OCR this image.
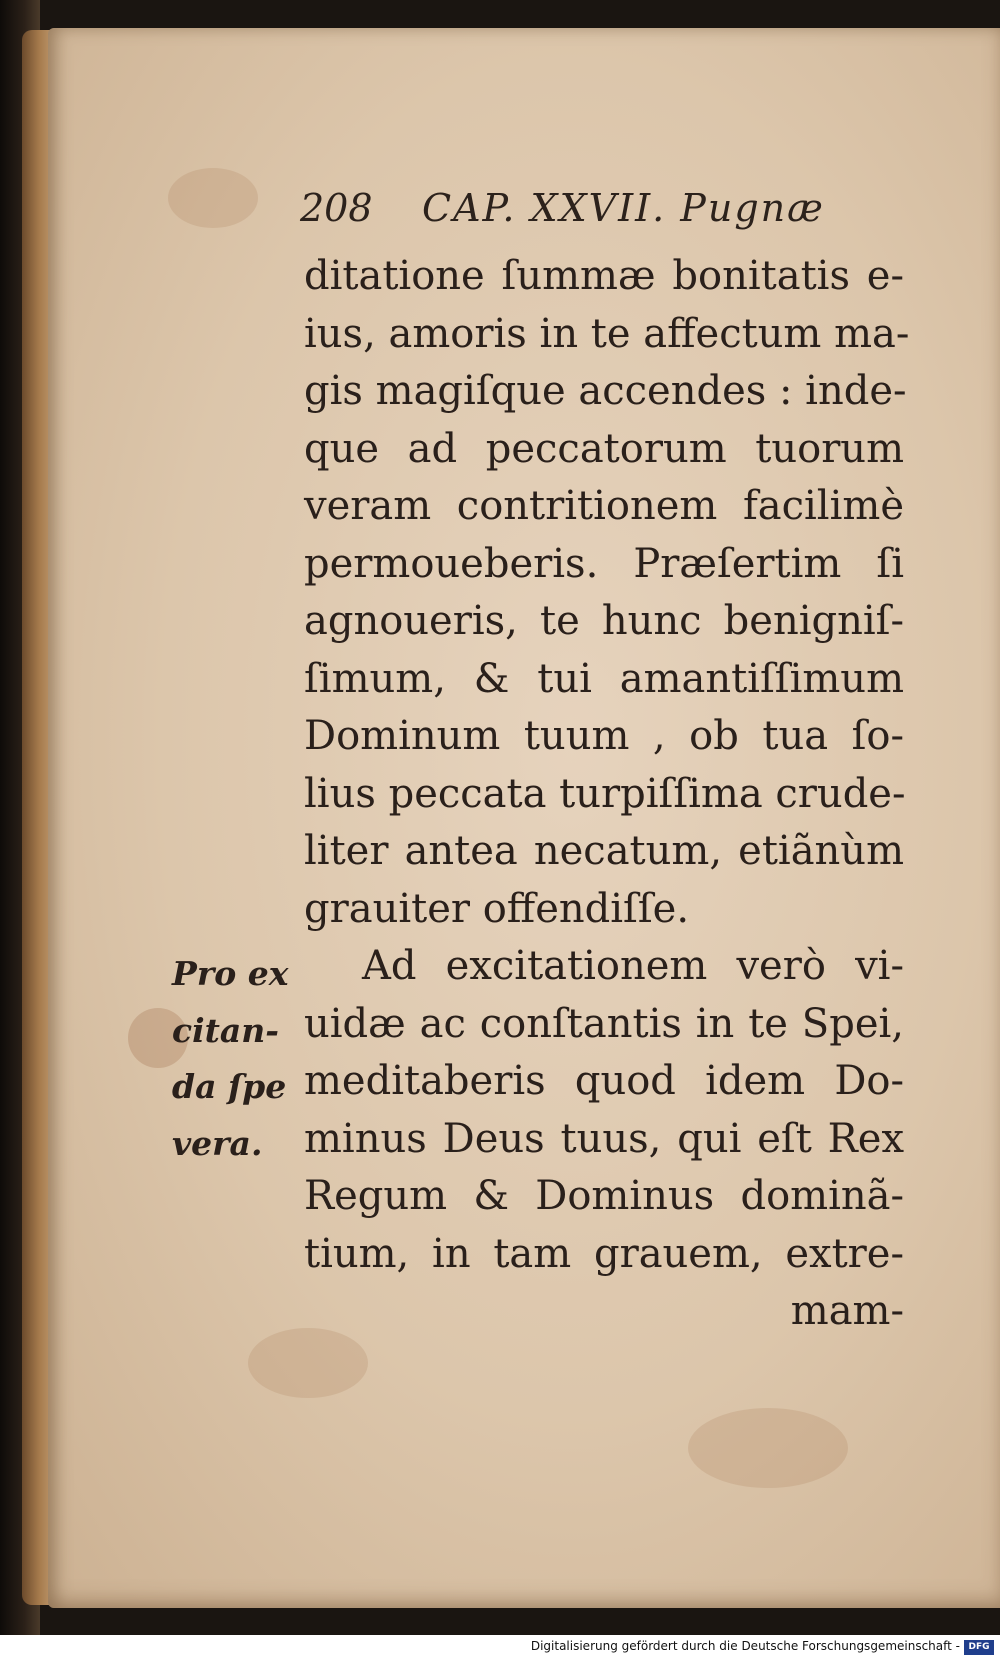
208 CAP. XXVII. Pugnæ
ditatione ſummæ bonitatis e-
ius, amoris in te affectum ma-
gis magiſque accendes : inde-
que ad peccatorum tuorum
veram contritionem facilimè
permoueberis. Præſertim ſi
agnoueris, te hunc benigniſ-
ſimum, & tui amantiſſimum
Dominum tuum , ob tua ſo-
lius peccata turpiſſima crude-
liter antea necatum, etiãnùm
grauiter offendiſſe.
Ad excitationem verò vi-
uidæ ac conſtantis in te Spei,
meditaberis quod idem Do-
minus Deus tuus, qui eſt Rex
Regum & Dominus dominã-
tium, in tam grauem, extre-
mam-
Pro ex
citan-
da ſpe
vera.
Digitalisierung gefördert durch die Deutsche Forschungsgemeinschaft - DFG
